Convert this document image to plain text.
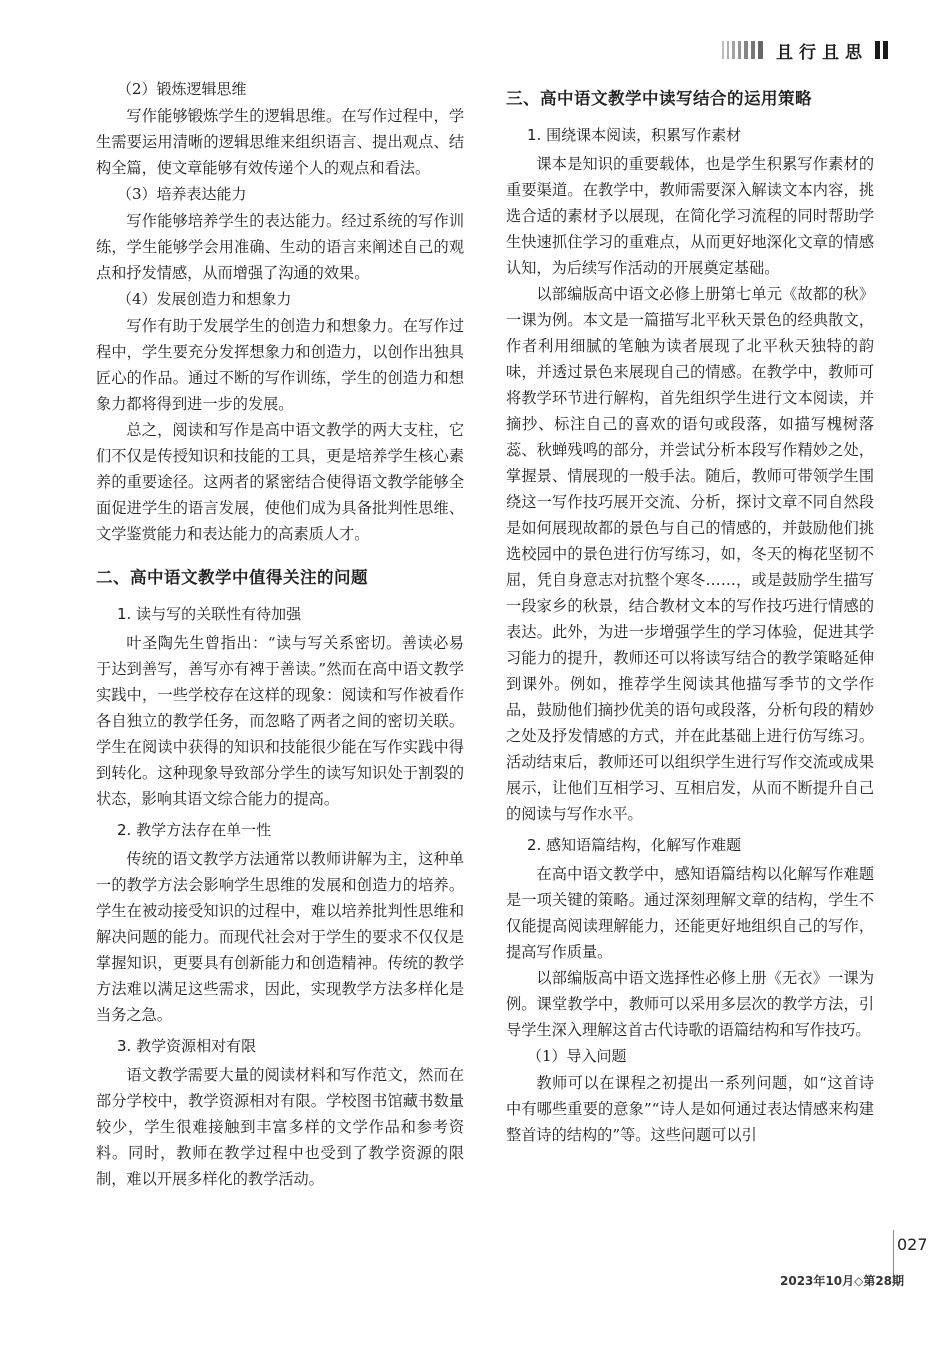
且行且思

（2）锻炼逻辑思维

写作能够锻炼学生的逻辑思维。在写作过程中，学生需要运用清晰的逻辑思维来组织语言、提出观点、结构全篇，使文章能够有效传递个人的观点和看法。

（3）培养表达能力

写作能够培养学生的表达能力。经过系统的写作训练，学生能够学会用准确、生动的语言来阐述自己的观点和抒发情感，从而增强了沟通的效果。

（4）发展创造力和想象力

写作有助于发展学生的创造力和想象力。在写作过程中，学生要充分发挥想象力和创造力，以创作出独具匠心的作品。通过不断的写作训练，学生的创造力和想象力都将得到进一步的发展。

总之，阅读和写作是高中语文教学的两大支柱，它们不仅是传授知识和技能的工具，更是培养学生核心素养的重要途径。这两者的紧密结合使得语文教学能够全面促进学生的语言发展，使他们成为具备批判性思维、文学鉴赏能力和表达能力的高素质人才。

二、高中语文教学中值得关注的问题
1. 读与写的关联性有待加强

叶圣陶先生曾指出：“读与写关系密切。善读必易于达到善写，善写亦有裨于善读。”然而在高中语文教学实践中，一些学校存在这样的现象：阅读和写作被看作各自独立的教学任务，而忽略了两者之间的密切关联。学生在阅读中获得的知识和技能很少能在写作实践中得到转化。这种现象导致部分学生的读写知识处于割裂的状态，影响其语文综合能力的提高。

2. 教学方法存在单一性

传统的语文教学方法通常以教师讲解为主，这种单一的教学方法会影响学生思维的发展和创造力的培养。学生在被动接受知识的过程中，难以培养批判性思维和解决问题的能力。而现代社会对于学生的要求不仅仅是掌握知识，更要具有创新能力和创造精神。传统的教学方法难以满足这些需求，因此，实现教学方法多样化是当务之急。

3. 教学资源相对有限

语文教学需要大量的阅读材料和写作范文，然而在部分学校中，教学资源相对有限。学校图书馆藏书数量较少，学生很难接触到丰富多样的文学作品和参考资料。同时，教师在教学过程中也受到了教学资源的限制，难以开展多样化的教学活动。

三、高中语文教学中读写结合的运用策略
1. 围绕课本阅读，积累写作素材

课本是知识的重要载体，也是学生积累写作素材的重要渠道。在教学中，教师需要深入解读文本内容，挑选合适的素材予以展现，在简化学习流程的同时帮助学生快速抓住学习的重难点，从而更好地深化文章的情感认知，为后续写作活动的开展奠定基础。

以部编版高中语文必修上册第七单元《故都的秋》一课为例。本文是一篇描写北平秋天景色的经典散文，作者利用细腻的笔触为读者展现了北平秋天独特的韵味，并透过景色来展现自己的情感。在教学中，教师可将教学环节进行解构，首先组织学生进行文本阅读，并摘抄、标注自己的喜欢的语句或段落，如描写槐树落蕊、秋蝉残鸣的部分，并尝试分析本段写作精妙之处，掌握景、情展现的一般手法。随后，教师可带领学生围绕这一写作技巧展开交流、分析，探讨文章不同自然段是如何展现故都的景色与自己的情感的，并鼓励他们挑选校园中的景色进行仿写练习，如，冬天的梅花坚韧不屈，凭自身意志对抗整个寒冬……，或是鼓励学生描写一段家乡的秋景，结合教材文本的写作技巧进行情感的表达。此外，为进一步增强学生的学习体验，促进其学习能力的提升，教师还可以将读写结合的教学策略延伸到课外。例如，推荐学生阅读其他描写季节的文学作品，鼓励他们摘抄优美的语句或段落，分析句段的精妙之处及抒发情感的方式，并在此基础上进行仿写练习。活动结束后，教师还可以组织学生进行写作交流或成果展示，让他们互相学习、互相启发，从而不断提升自己的阅读与写作水平。

2. 感知语篇结构，化解写作难题

在高中语文教学中，感知语篇结构以化解写作难题是一项关键的策略。通过深刻理解文章的结构，学生不仅能提高阅读理解能力，还能更好地组织自己的写作，提高写作质量。

以部编版高中语文选择性必修上册《无衣》一课为例。课堂教学中，教师可以采用多层次的教学方法，引导学生深入理解这首古代诗歌的语篇结构和写作技巧。

（1）导入问题

教师可以在课程之初提出一系列问题，如“这首诗中有哪些重要的意象”“诗人是如何通过表达情感来构建整首诗的结构的”等。这些问题可以引

027
2023年10月◇第28期
